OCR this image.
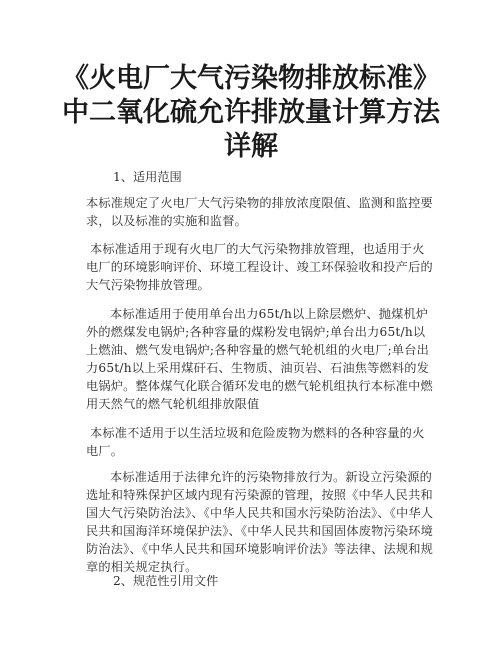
《火电厂大气污染物排放标准》
中二氧化硫允许排放量计算方法
详解

1、适用范围

本标准规定了火电厂大气污染物的排放浓度限值、监测和监控要求，以及标准的实施和监督。

本标准适用于现有火电厂的大气污染物排放管理，也适用于火电厂的环境影响评价、环境工程设计、竣工环保验收和投产后的大气污染物排放管理。

本标准适用于使用单台出力65t/h以上除层燃炉、抛煤机炉外的燃煤发电锅炉;各种容量的煤粉发电锅炉;单台出力65t/h以上燃油、燃气发电锅炉;各种容量的燃气轮机组的火电厂;单台出力65t/h以上采用煤矸石、生物质、油页岩、石油焦等燃料的发电锅炉。整体煤气化联合循环发电的燃气轮机组执行本标准中燃用天然气的燃气轮机组排放限值

本标准不适用于以生活垃圾和危险废物为燃料的各种容量的火电厂。

本标准适用于法律允许的污染物排放行为。新设立污染源的选址和特殊保护区域内现有污染源的管理，按照《中华人民共和国大气污染防治法》、《中华人民共和国水污染防治法》、《中华人民共和国海洋环境保护法》、《中华人民共和国固体废物污染环境防治法》、《中华人民共和国环境影响评价法》等法律、法规和规章的相关规定执行。

2、规范性引用文件
